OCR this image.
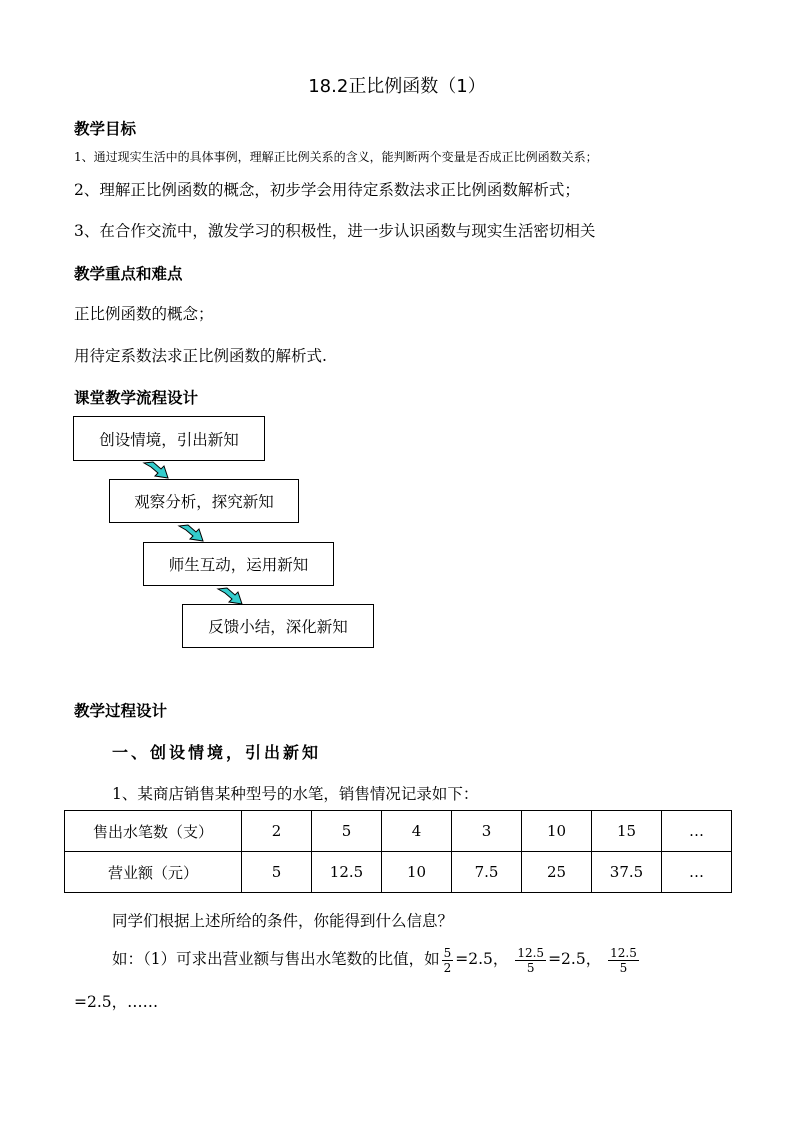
18.2正比例函数（1）
教学目标
1、通过现实生活中的具体事例，理解正比例关系的含义，能判断两个变量是否成正比例函数关系；
2、理解正比例函数的概念，初步学会用待定系数法求正比例函数解析式；
3、在合作交流中，激发学习的积极性，进一步认识函数与现实生活密切相关
教学重点和难点
正比例函数的概念；
用待定系数法求正比例函数的解析式.
课堂教学流程设计
创设情境，引出新知
观察分析，探究新知
师生互动，运用新知
反馈小结，深化新知
教学过程设计
一、创设情境，引出新知
1、某商店销售某种型号的水笔，销售情况记录如下：
售出水笔数（支）	2	5	4	3	10	15	…
营业额（元）	5	12.5	10	7.5	25	37.5	…
同学们根据上述所给的条件，你能得到什么信息？
如：（1）可求出营业额与售出水笔数的比值，如 $\frac{5}{2} =2.5$， $\frac{12.5}{5} =2.5$， $\frac{12.5}{5}$
=2.5，……
